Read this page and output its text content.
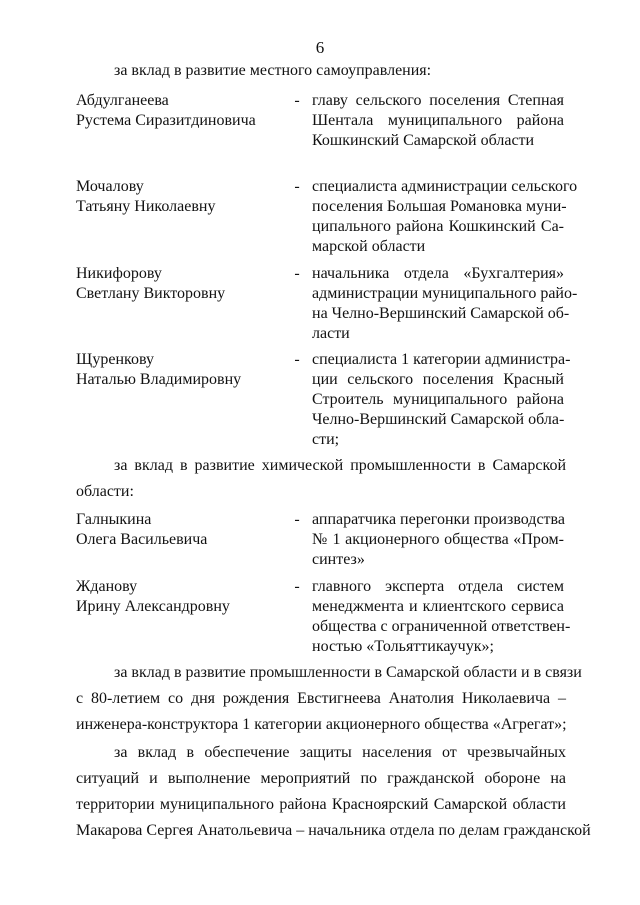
6
за вклад в развитие местного самоуправления:
Абдулганеева
Рустема Сиразитдиновича
- главу сельского поселения Степная
Шентала муниципального района
Кошкинский Самарской области
Мочалову
Татьяну Николаевну
- специалиста администрации сельского
поселения Большая Романовка муни-
ципального района Кошкинский Са-
марской области
Никифорову
Светлану Викторовну
- начальника отдела «Бухгалтерия»
администрации муниципального райо-
на Челно-Вершинский Самарской об-
ласти
Щуренкову
Наталью Владимировну
- специалиста 1 категории администра-
ции сельского поселения Красный
Строитель муниципального района
Челно-Вершинский Самарской обла-
сти;
за вклад в развитие химической промышленности в Самарской
области:
Галныкина
Олега Васильевича
- аппаратчика перегонки производства
№ 1 акционерного общества «Пром-
синтез»
Жданову
Ирину Александровну
- главного эксперта отдела систем
менеджмента и клиентского сервиса
общества с ограниченной ответствен-
ностью «Тольяттикаучук»;
за вклад в развитие промышленности в Самарской области и в связи
с 80-летием со дня рождения Евстигнеева Анатолия Николаевича –
инженера-конструктора 1 категории акционерного общества «Агрегат»;
за вклад в обеспечение защиты населения от чрезвычайных
ситуаций и выполнение мероприятий по гражданской обороне на
территории муниципального района Красноярский Самарской области
Макарова Сергея Анатольевича – начальника отдела по делам гражданской
